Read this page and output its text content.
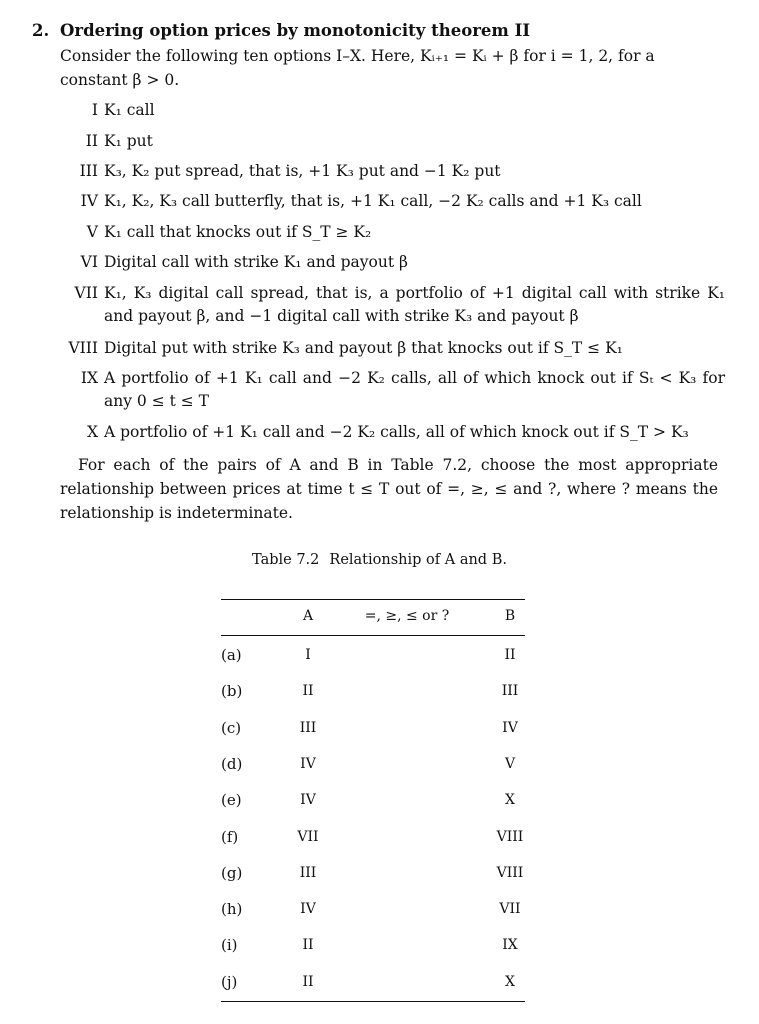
2. Ordering option prices by monotonicity theorem II
Consider the following ten options I–X. Here, Kᵢ₊₁ = Kᵢ + β for i = 1, 2, for a constant β > 0.
I K₁ call
II K₁ put
III K₃, K₂ put spread, that is, +1 K₃ put and −1 K₂ put
IV K₁, K₂, K₃ call butterfly, that is, +1 K₁ call, −2 K₂ calls and +1 K₃ call
V K₁ call that knocks out if S_T ≥ K₂
VI Digital call with strike K₁ and payout β
VII K₁, K₃ digital call spread, that is, a portfolio of +1 digital call with strike K₁ and payout β, and −1 digital call with strike K₃ and payout β
VIII Digital put with strike K₃ and payout β that knocks out if S_T ≤ K₁
IX A portfolio of +1 K₁ call and −2 K₂ calls, all of which knock out if Sₜ < K₃ for any 0 ≤ t ≤ T
X A portfolio of +1 K₁ call and −2 K₂ calls, all of which knock out if S_T > K₃
For each of the pairs of A and B in Table 7.2, choose the most appropriate relationship between prices at time t ≤ T out of =, ≥, ≤ and ?, where ? means the relationship is indeterminate.
Table 7.2 Relationship of A and B.
A	=, ≥, ≤ or ?	B
(a)	I	II
(b)	II	III
(c)	III	IV
(d)	IV	V
(e)	IV	X
(f)	VII	VIII
(g)	III	VIII
(h)	IV	VII
(i)	II	IX
(j)	II	X
